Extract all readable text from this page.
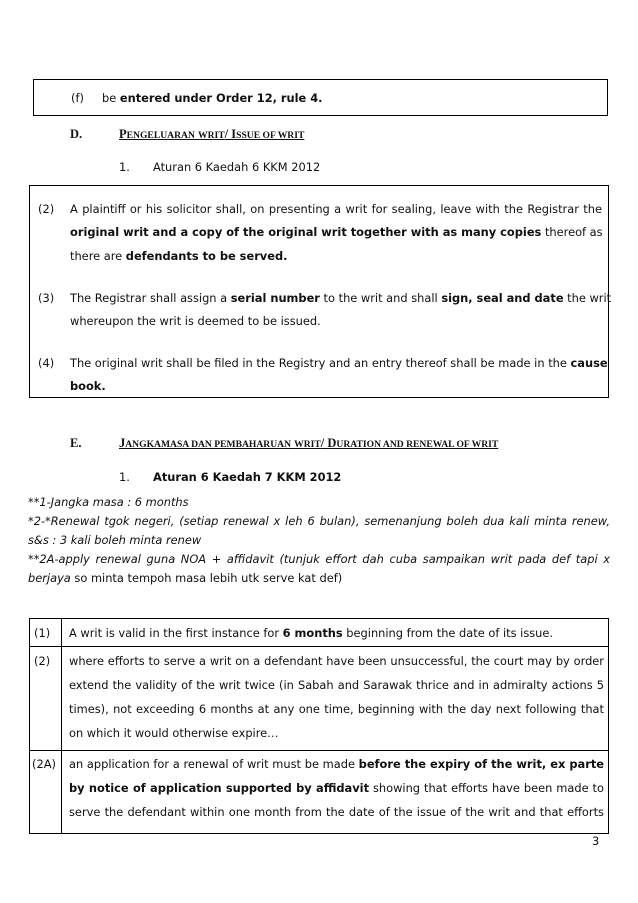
(f) be entered under Order 12, rule 4.
D.	PENGELUARAN WRIT/ ISSUE OF WRIT
1. Aturan 6 Kaedah 6 KKM 2012
(2) A plaintiff or his solicitor shall, on presenting a writ for sealing, leave with the Registrar the
original writ and a copy of the original writ together with as many copies thereof as
there are defendants to be served.
(3) The Registrar shall assign a serial number to the writ and shall sign, seal and date the writ
whereupon the writ is deemed to be issued.
(4) The original writ shall be filed in the Registry and an entry thereof shall be made in the cause
book.
E.	JANGKAMASA DAN PEMBAHARUAN WRIT/ DURATION AND RENEWAL OF WRIT
1. Aturan 6 Kaedah 7 KKM 2012
**1-Jangka masa : 6 months
*2-*Renewal tgok negeri, (setiap renewal x leh 6 bulan), semenanjung boleh dua kali minta renew,
s&s : 3 kali boleh minta renew
**2A-apply renewal guna NOA + affidavit (tunjuk effort dah cuba sampaikan writ pada def tapi x
berjaya so minta tempoh masa lebih utk serve kat def)
(1)	A writ is valid in the first instance for 6 months beginning from the date of its issue.

(2)	where efforts to serve a writ on a defendant have been unsuccessful, the court may by order
extend the validity of the writ twice (in Sabah and Sarawak thrice and in admiralty actions 5
times), not exceeding 6 months at any one time, beginning with the day next following that
on which it would otherwise expire…

(2A)	an application for a renewal of writ must be made before the expiry of the writ, ex parte
by notice of application supported by affidavit showing that efforts have been made to
serve the defendant within one month from the date of the issue of the writ and that efforts
3
